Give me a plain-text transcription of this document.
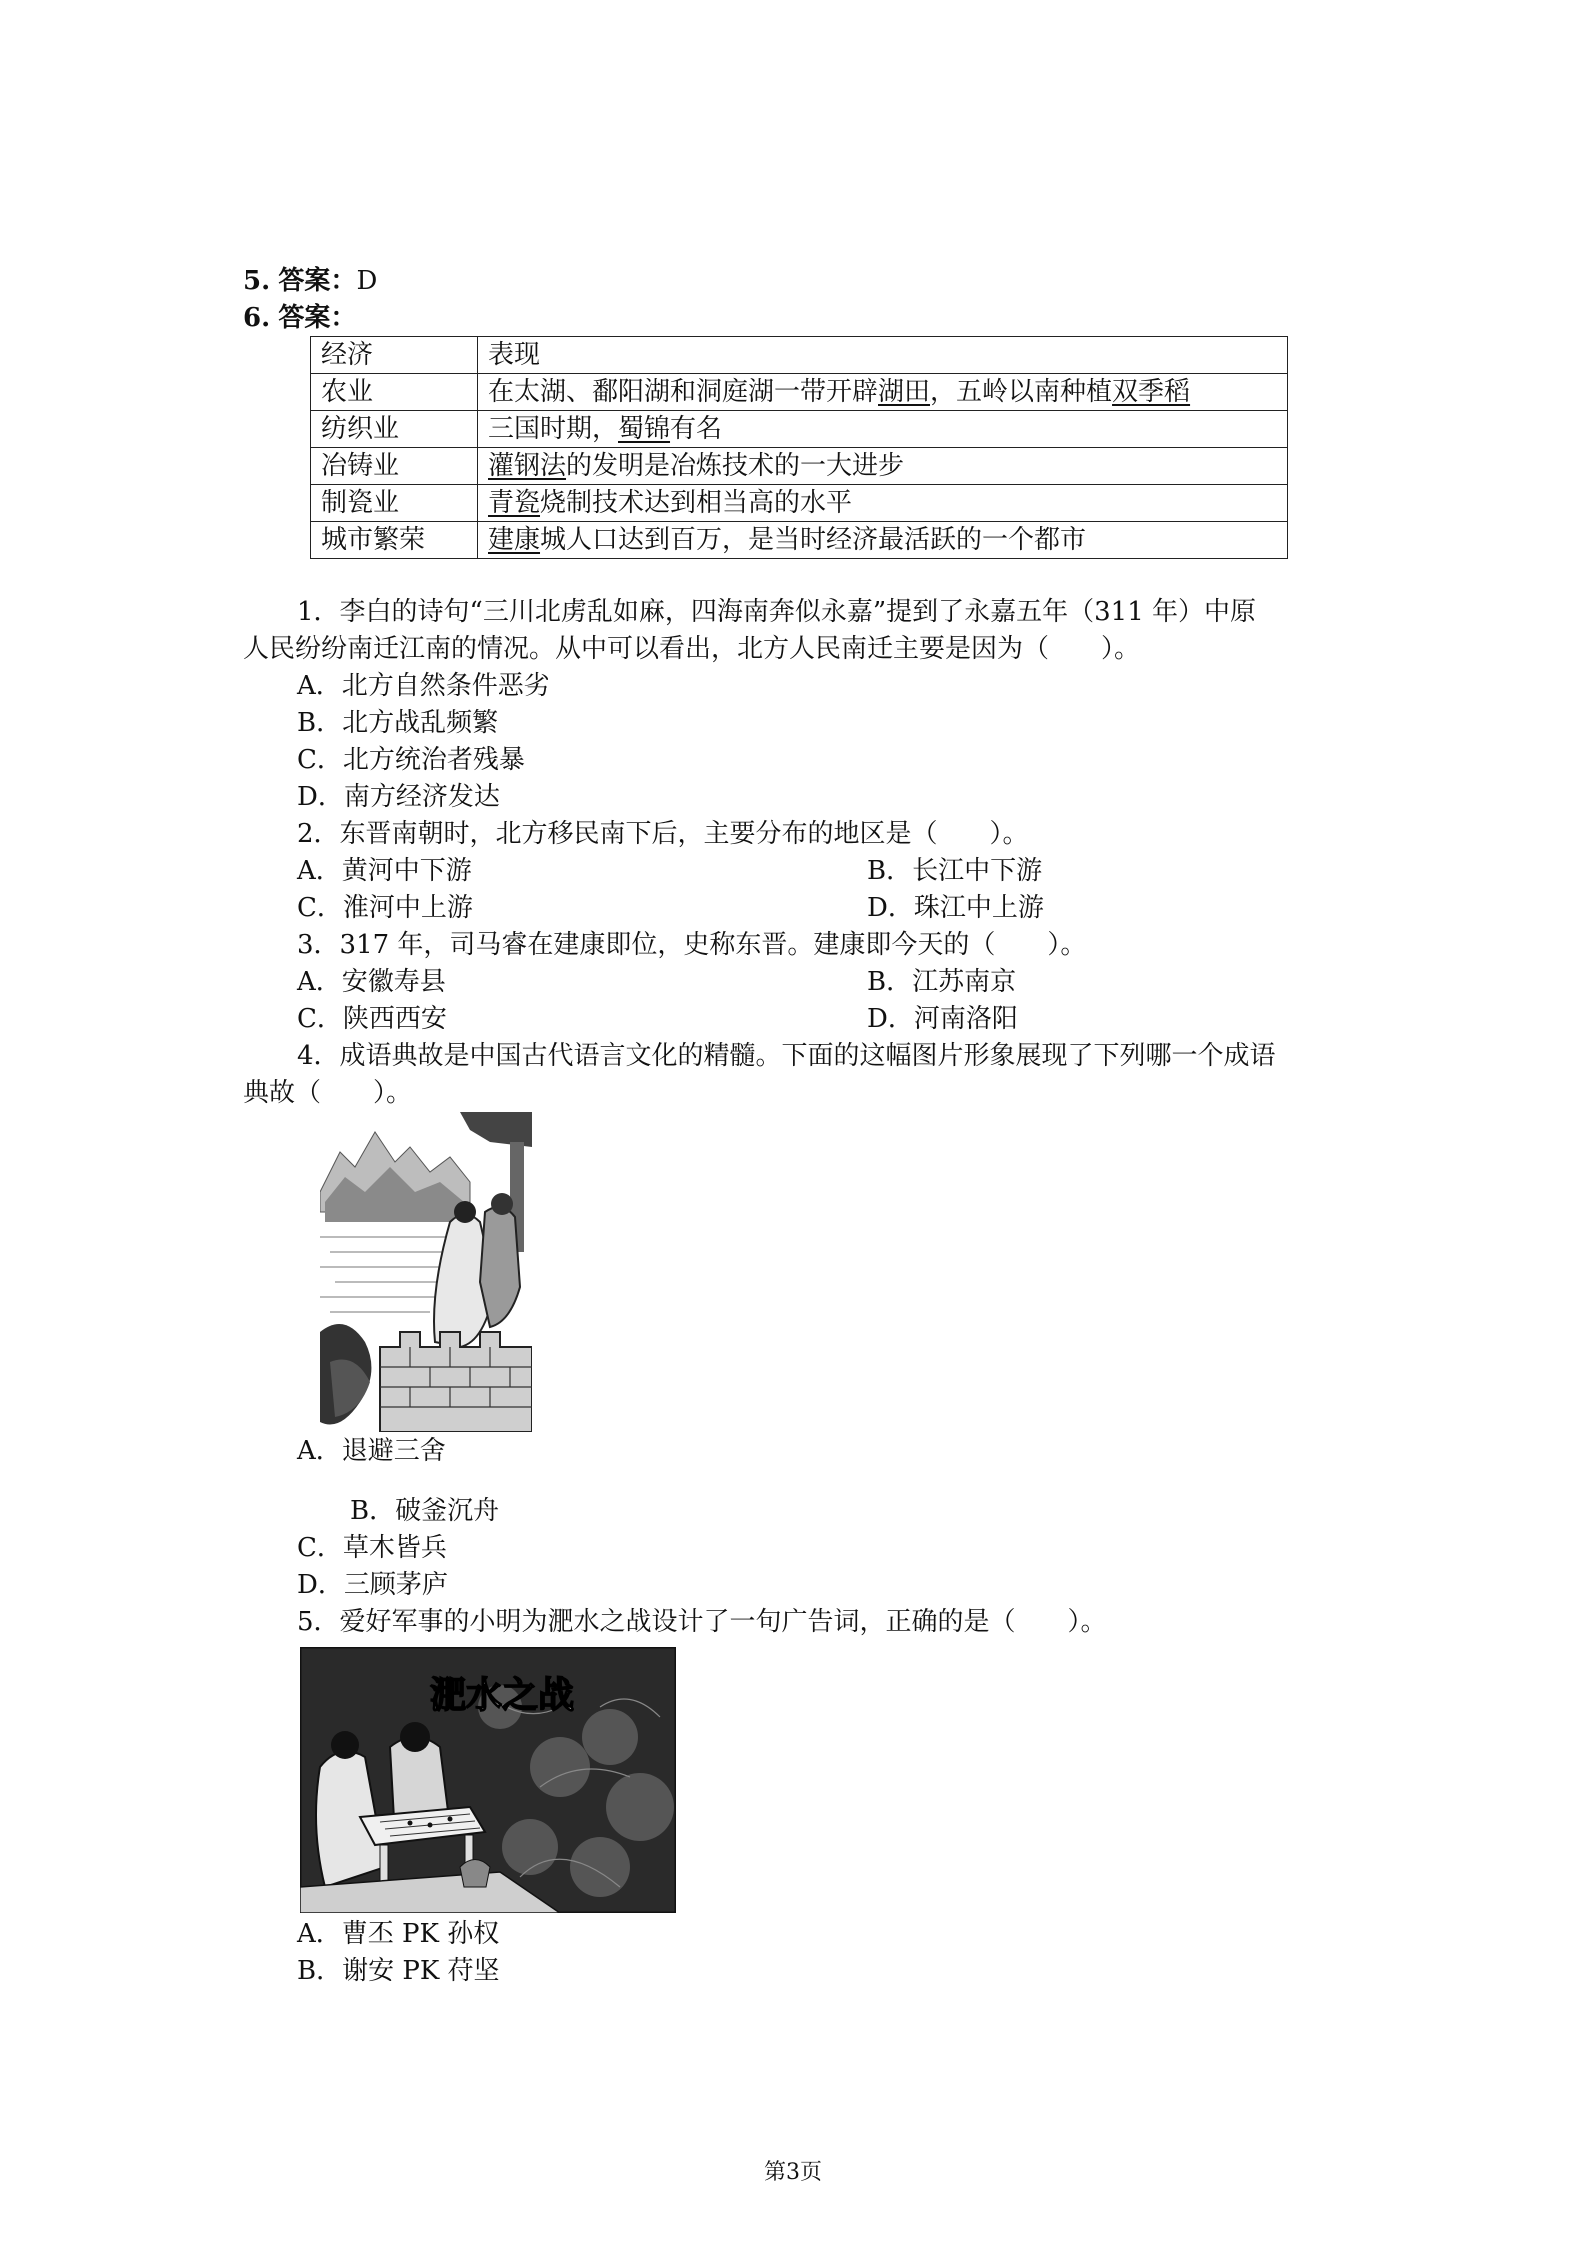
5. 答案：D
6. 答案：
经济	表现
农业	在太湖、鄱阳湖和洞庭湖一带开辟湖田，五岭以南种植双季稻
纺织业	三国时期，蜀锦有名
冶铸业	灌钢法的发明是冶炼技术的一大进步
制瓷业	青瓷烧制技术达到相当高的水平
城市繁荣	建康城人口达到百万，是当时经济最活跃的一个都市
1．李白的诗句“三川北虏乱如麻，四海南奔似永嘉”提到了永嘉五年（311 年）中原
人民纷纷南迁江南的情况。从中可以看出，北方人民南迁主要是因为（　　）。
A．北方自然条件恶劣
B．北方战乱频繁
C．北方统治者残暴
D．南方经济发达
2．东晋南朝时，北方移民南下后，主要分布的地区是（　　）。
A．黄河中下游	B．长江中下游
C．淮河中上游	D．珠江中上游
3．317 年，司马睿在建康即位，史称东晋。建康即今天的（　　）。
A．安徽寿县	B．江苏南京
C．陕西西安	D．河南洛阳
4．成语典故是中国古代语言文化的精髓。下面的这幅图片形象展现了下列哪一个成语
典故（　　）。
A．退避三舍
B．破釜沉舟
C．草木皆兵
D．三顾茅庐
5．爱好军事的小明为淝水之战设计了一句广告词，正确的是（　　）。
淝水之战
A．曹丕 PK 孙权
B．谢安 PK 苻坚
第3页
